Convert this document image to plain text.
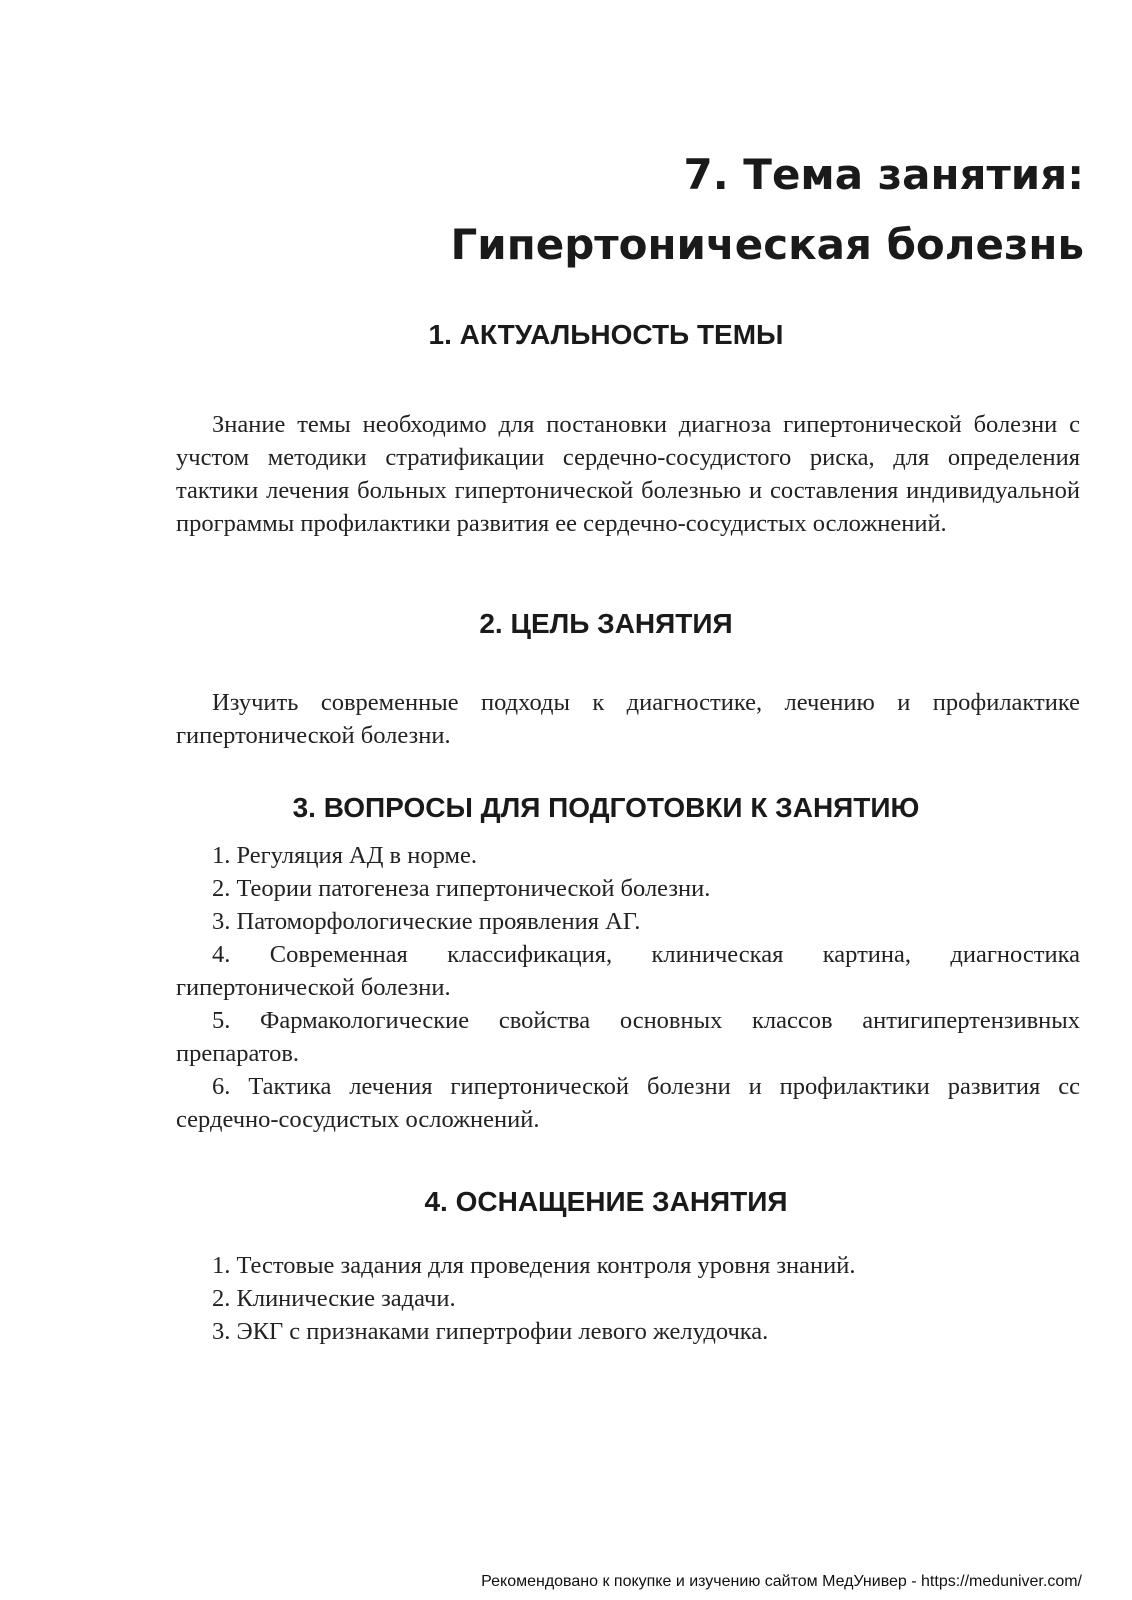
7. Тема занятия:
Гипертоническая болезнь
1. АКТУАЛЬНОСТЬ ТЕМЫ

Знание темы необходимо для постановки диагноза гипертонической болезни с учстом методики стратификации сердечно-сосудистого риска, для определения тактики лечения больных гипертонической болезнью и составления индивидуальной программы профилактики развития ее сердечно-сосудистых осложнений.

2. ЦЕЛЬ ЗАНЯТИЯ

Изучить современные подходы к диагностике, лечению и профилактике гипертонической болезни.

3. ВОПРОСЫ ДЛЯ ПОДГОТОВКИ К ЗАНЯТИЮ
1. Регуляция АД в норме.
2. Теории патогенеза гипертонической болезни.
3. Патоморфологические проявления АГ.
4. Современная классификация, клиническая картина, диагностика гипертонической болезни.
5. Фармакологические свойства основных классов антигипертензивных препаратов.
6. Тактика лечения гипертонической болезни и профилактики развития сс сердечно-сосудистых осложнений.
4. ОСНАЩЕНИЕ ЗАНЯТИЯ
1. Тестовые задания для проведения контроля уровня знаний.
2. Клинические задачи.
3. ЭКГ с признаками гипертрофии левого желудочка.
Рекомендовано к покупке и изучению сайтом МедУнивер - https://meduniver.com/
